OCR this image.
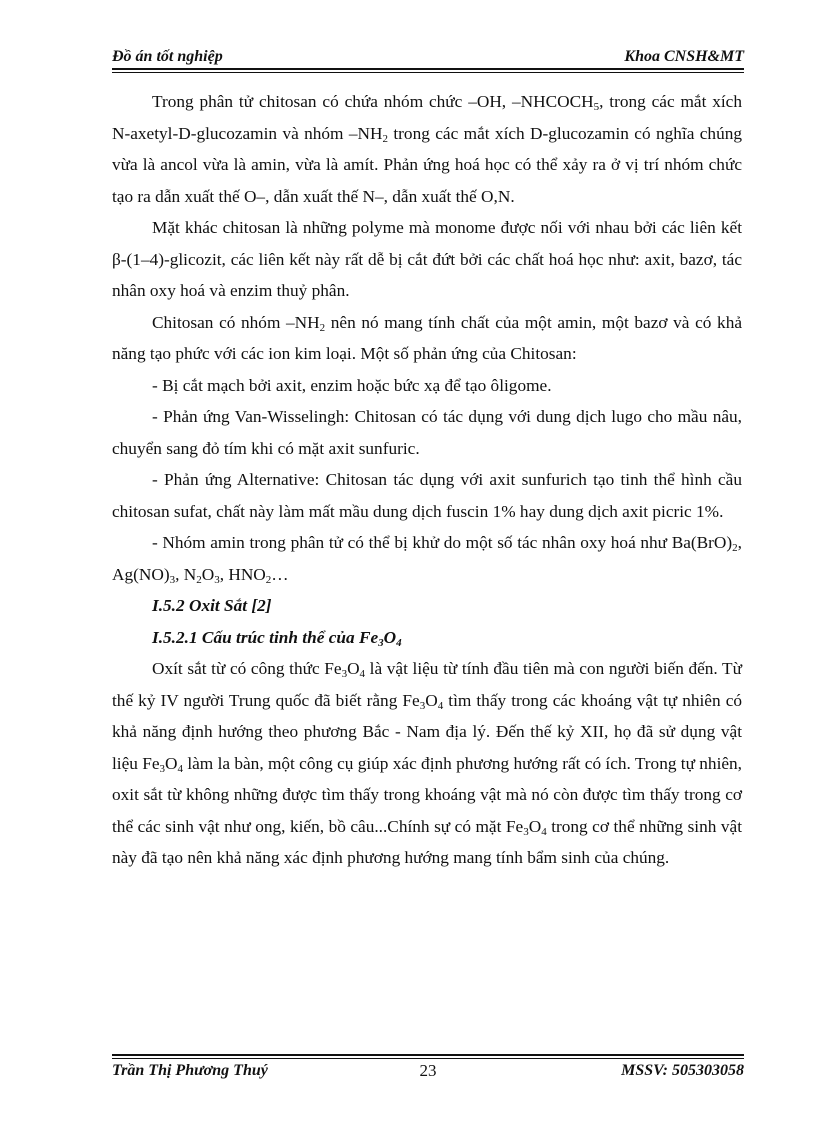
Đồ án tốt nghiệp	Khoa CNSH&MT

Trong phân tử chitosan có chứa nhóm chức –OH, $-NHCOCH_5$, trong các mắt xích N-axetyl-D-glucozamin và nhóm $-NH_2$ trong các mắt xích D-glucozamin có nghĩa chúng vừa là ancol vừa là amin, vừa là amít. Phản ứng hoá học có thể xảy ra ở vị trí nhóm chức tạo ra dẫn xuất thế O–, dẫn xuất thế N–, dẫn xuất thế O,N.

Mặt khác chitosan là những polyme mà monome được nối với nhau bởi các liên kết β-(1–4)-glicozit, các liên kết này rất dễ bị cắt đứt bởi các chất hoá học như: axit, bazơ, tác nhân oxy hoá và enzim thuỷ phân.

Chitosan có nhóm $-NH_2$ nên nó mang tính chất của một amin, một bazơ và có khả năng tạo phức với các ion kim loại. Một số phản ứng của Chitosan:

- Bị cắt mạch bởi axit, enzim hoặc bức xạ để tạo ôligome.

- Phản ứng Van-Wisselingh: Chitosan có tác dụng với dung dịch lugo cho mầu nâu, chuyển sang đỏ tím khi có mặt axit sunfuric.

- Phản ứng Alternative: Chitosan tác dụng với axit sunfurich tạo tinh thể hình cầu chitosan sufat, chất này làm mất mầu dung dịch fuscin 1% hay dung dịch axit picric 1%.

- Nhóm amin trong phân tử có thể bị khử do một số tác nhân oxy hoá như $Ba(BrO)_2$, $Ag(NO)_3$, $N_2O_3$, $HNO_2\dots$

I.5.2 Oxit Sắt [2]

I.5.2.1 Cấu trúc tinh thể của $Fe_3O_4$

Oxít sắt từ có công thức $Fe_3O_4$ là vật liệu từ tính đầu tiên mà con người biến đến. Từ thế kỷ IV người Trung quốc đã biết rằng $Fe_3O_4$ tìm thấy trong các khoáng vật tự nhiên có khả năng định hướng theo phương Bắc - Nam địa lý. Đến thế kỷ XII, họ đã sử dụng vật liệu $Fe_3O_4$ làm la bàn, một công cụ giúp xác định phương hướng rất có ích. Trong tự nhiên, oxit sắt từ không những được tìm thấy trong khoáng vật mà nó còn được tìm thấy trong cơ thể các sinh vật như ong, kiến, bồ câu...Chính sự có mặt $Fe_3O_4$ trong cơ thể những sinh vật này đã tạo nên khả năng xác định phương hướng mang tính bẩm sinh của chúng.

Trần Thị Phương Thuý	23	MSSV: 505303058
